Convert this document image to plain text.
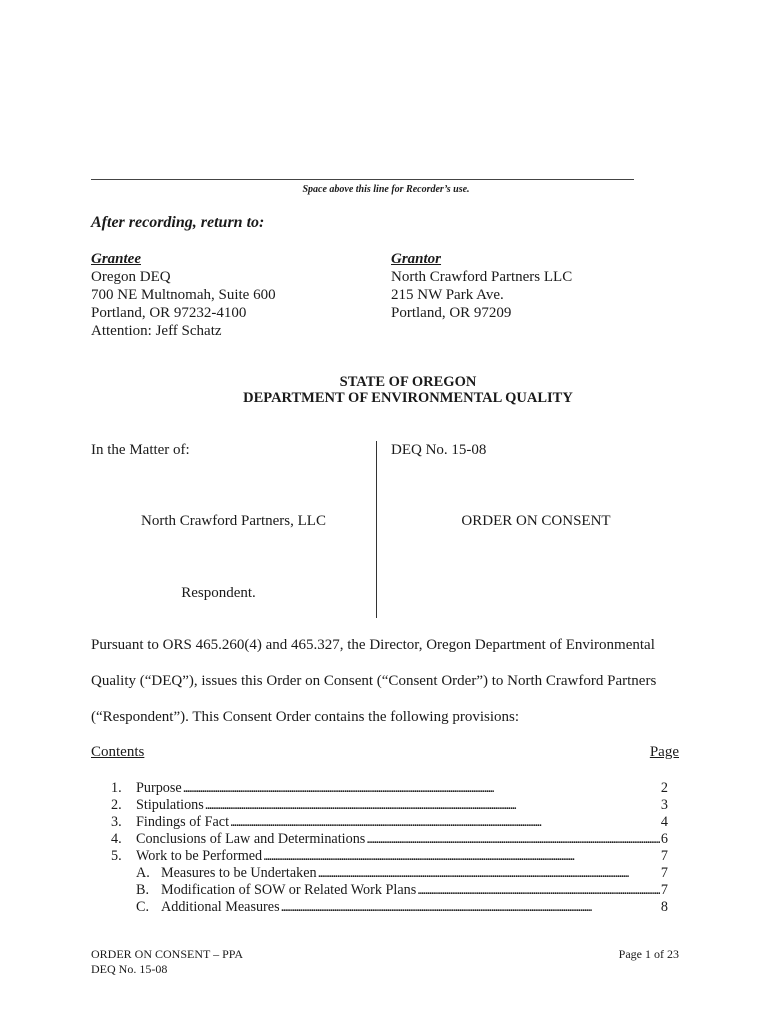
Space above this line for Recorder’s use.
After recording, return to:
Grantee
Oregon DEQ
700 NE Multnomah, Suite 600
Portland, OR 97232-4100
Attention: Jeff Schatz
Grantor
North Crawford Partners LLC
215 NW Park Ave.
Portland, OR 97209
STATE OF OREGON
DEPARTMENT OF ENVIRONMENTAL QUALITY
In the Matter of:
North Crawford Partners, LLC
Respondent.
DEQ No. 15-08
ORDER ON CONSENT
Pursuant to ORS 465.260(4) and 465.327, the Director, Oregon Department of Environmental
Quality (“DEQ”), issues this Order on Consent (“Consent Order”) to North Crawford Partners
(“Respondent”). This Consent Order contains the following provisions:
Contents	Page
1.	Purpose . . .	2
2.	Stipulations . . .	3
3.	Findings of Fact . . .	4
4.	Conclusions of Law and Determinations . . .	6
5.	Work to be Performed . . .	7
A. Measures to be Undertaken . . .	7
B. Modification of SOW or Related Work Plans . . .	7
C. Additional Measures . . .	8
ORDER ON CONSENT – PPA
DEQ No. 15-08
Page 1 of 23
